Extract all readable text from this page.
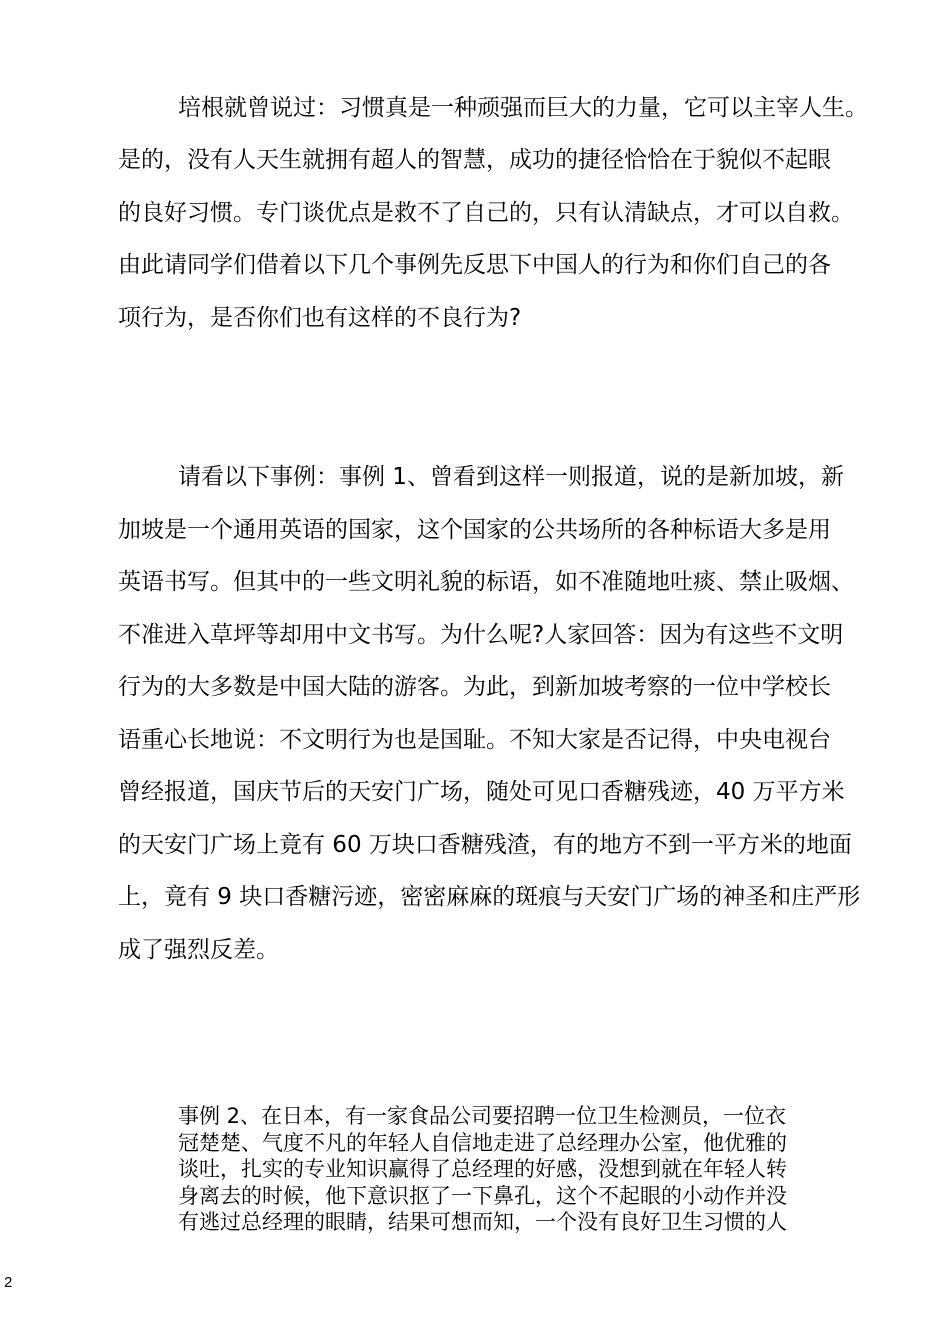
培根就曾说过：习惯真是一种顽强而巨大的力量，它可以主宰人生。
是的，没有人天生就拥有超人的智慧，成功的捷径恰恰在于貌似不起眼
的良好习惯。专门谈优点是救不了自己的，只有认清缺点，才可以自救。
由此请同学们借着以下几个事例先反思下中国人的行为和你们自己的各
项行为，是否你们也有这样的不良行为?
请看以下事例：事例 1、曾看到这样一则报道，说的是新加坡，新
加坡是一个通用英语的国家，这个国家的公共场所的各种标语大多是用
英语书写。但其中的一些文明礼貌的标语，如不准随地吐痰、禁止吸烟、
不准进入草坪等却用中文书写。为什么呢?人家回答：因为有这些不文明
行为的大多数是中国大陆的游客。为此，到新加坡考察的一位中学校长
语重心长地说：不文明行为也是国耻。不知大家是否记得，中央电视台
曾经报道，国庆节后的天安门广场，随处可见口香糖残迹，40 万平方米
的天安门广场上竟有 60 万块口香糖残渣，有的地方不到一平方米的地面
上，竟有 9 块口香糖污迹，密密麻麻的斑痕与天安门广场的神圣和庄严形
成了强烈反差。
事例 2、在日本，有一家食品公司要招聘一位卫生检测员，一位衣
冠楚楚、气度不凡的年轻人自信地走进了总经理办公室，他优雅的
谈吐，扎实的专业知识赢得了总经理的好感，没想到就在年轻人转
身离去的时候，他下意识抠了一下鼻孔，这个不起眼的小动作并没
有逃过总经理的眼睛，结果可想而知，一个没有良好卫生习惯的人
2
